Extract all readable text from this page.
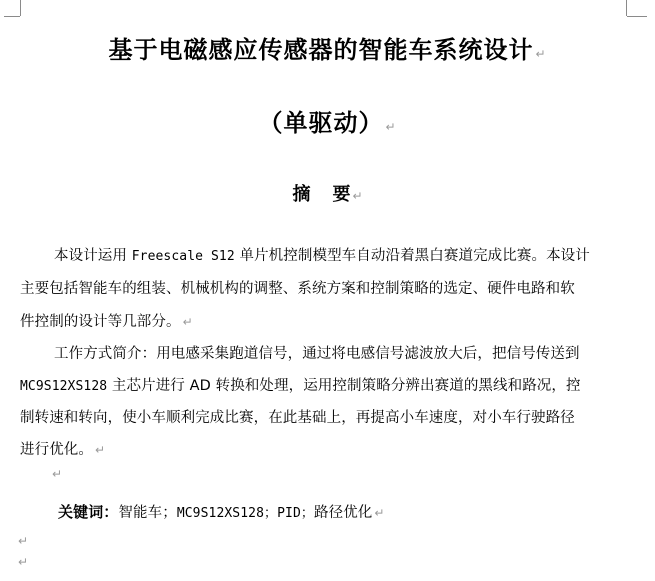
基于电磁感应传感器的智能车系统设计 ↵
（单驱动） ↵
摘 要 ↵
本设计运用 Freescale S12 单片机控制模型车自动沿着黑白赛道完成比赛。本设计
主要包括智能车的组装、机械机构的调整、系统方案和控制策略的选定、硬件电路和软
件控制的设计等几部分。 ↵
工作方式简介：用电感采集跑道信号，通过将电感信号滤波放大后，把信号传送到
MC9S12XS128 主芯片进行 AD 转换和处理，运用控制策略分辨出赛道的黑线和路况，控
制转速和转向，使小车顺利完成比赛，在此基础上，再提高小车速度，对小车行驶路径
进行优化。 ↵
↵
关键词：智能车；MC9S12XS128；PID；路径优化 ↵
↵
↵
